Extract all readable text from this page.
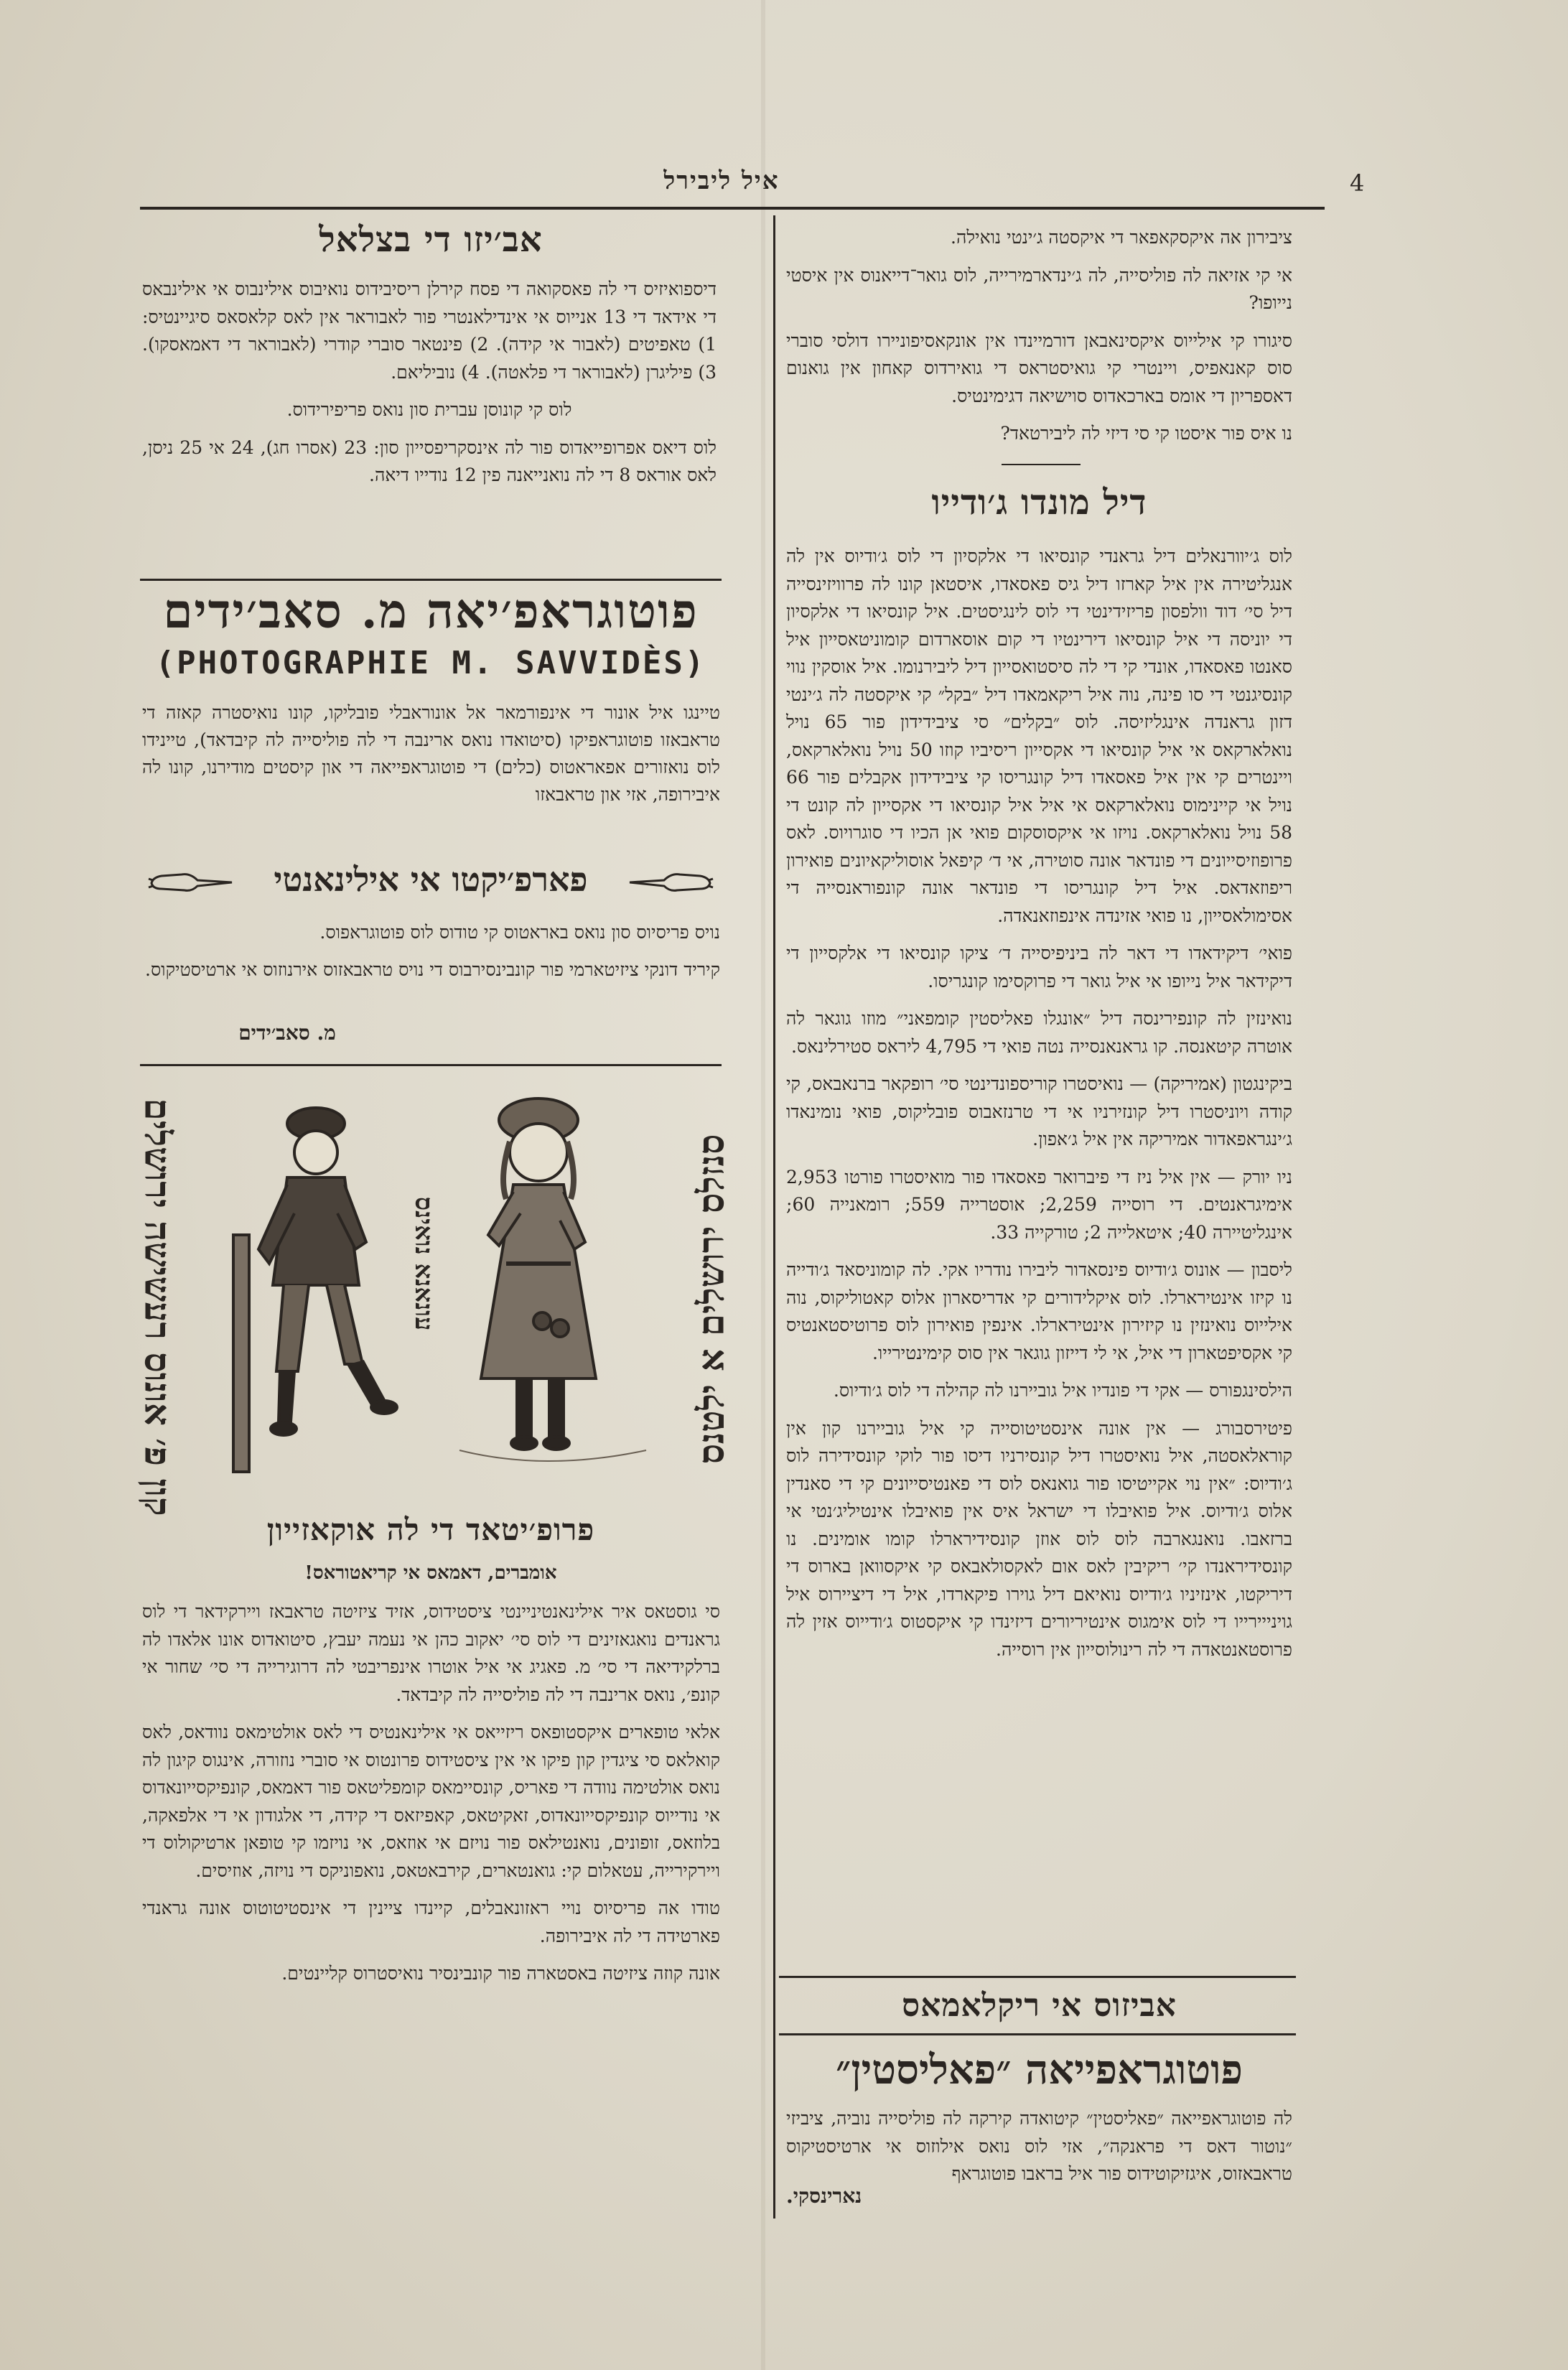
4
איל ליבירל

ציבירון אה איקסקאפאר די איקסטה ג׳ינטי נואילה.

אי קי אזיאה לה פוליסייה, לה ג׳ינדארמירייה, לוס גואר־דייאנוס אין איסטי נייופו?

סיגורו קי אילייוס איקסינאבאן דורמיינדו אין אונקאסיפוניירו דולסי סוברי סוס קאנאפיס, ויינטרי קי גואיסטראס די גואירדוס קאחון אין גואנום דאספריון די אומס בארכאדוס סוישיאה דגימינטיס.

נו איס פור איסטו קי סי דיזי לה ליבירטאד?

דיל מונדו ג׳ודייו

לוס ג׳יוורנאלים דיל גראנדי קונסיאו די אלקסיון די לוס ג׳ודיוס אין לה אנגליטירה אין איל קארזו דיל גיס פאסאדו, איסטאן קונו לה פרוויזינסייה דיל סי׳ דוד וולפסון פריזידינטי די לוס לינגיסטים. איל קונסיאו די אלקסיון די יוניסה די איל קונסיאו דירינטיו די קום אוסארדום קומוניטאסייון איל סאנטו פאסאדו, אונדי קי די לה סיסטואסייון דיל ליבירנומו. איל אוסקין נווי קונסיגנטי די סו פינה, נוה איל ריקאמאדו דיל ״בקל״ קי איקסטה לה ג׳ינטי דזון גראנדה אינגליזיסה. לוס ״בקלים״ סי ציבידידון פור 65 נויל נואלארקאס אי איל קונסיאו די אקסייון ריסיביו קוזו 50 נויל נואלארקאס, ויינטרים קי אין איל פאסאדו דיל קונגריסו קי ציבידידון אקבלים פור 66 נויל אי קיינימוס נואלארקאס אי איל איל קונסיאו די אקסייון לה קונט די 58 נויל נואלארקאס. נויזו אי איקסוסקום פואי אן הכיו די סוגרויוס. לאס פרופוזיסייונים די פונדאר אונה סוטירה, אי ד׳ קיפאל אוסוליקאיונים פואירון ריפוזאדאס. איל דיל קונגריסו די פונדאר אונה קונפוראנסייה די אסימולאסייון, נו פואי אזינדה אינפוזאנאדה.

פואי׳ דיקידאדו די דאר לה ביניפיסייה ד׳ ציקו קונסיאו די אלקסייון די דיקידאר איל נייופו אי איל גואר די פרוקסימו קונגריסו.

נואינזין לה קונפירינסה דיל ״אונגלו פאליסטין קומפאני״ מוזו גוגאר לה אוטרה קיטאנסה. קו גראנאנסייה נטה פואי די 4,795 ליראס סטירלינאס.

ביקינגטון (אמיריקה) — נואיסטרו קוריספונדינטי סי׳ רופקאר ברנאבאס, קי קודה ויוניסטרו דיל קונזירניו אי די טרנזאבוס פובליקוס, פואי נומינאדו ג׳ינגראפאדור אמיריקה אין איל ג׳אפון.

ניו יורק — אין איל ניז די פיברואר פאסאדו פור מואיסטרו פורטו 2,953 אימיגראנטים. די רוסייה 2,259; אוסטרייה 559; רומאנייה 60; אינגליטיירה 40; איטאלייה 2; טורקייה 33.

ליסבון — אונוס ג׳ודיוס פינסאדור ליבירו נודריו אקי. לה קומוניסאד ג׳ודייה נו קיזו אינטירארלו. לוס איקלידורים קי אדריסארון אלוס קאטוליקוס, נוה אילייוס נואינזין נו קיזירון אינטירארלו. אינפין פואירון לוס פרוטיסטאנטיס קי אקסיפטארון די איל, אי לי דייזון גוגאר אין סוס קימינטירייו.

הילסינגפורס — אקי די פונדיו איל גוביירנו לה קהילה די לוס ג׳ודיוס.

פיטירסבורג — אין אונה אינסטיטוסייה קי איל גוביירנו קון אין קוראלאסטה, איל נואיסטרו דיל קונסירניו דיסו פור לוקי קונסידירה לוס ג׳ודיוס: ״אין נוי אקייטיסו פור גואנאס לוס די פאנטיסייונים קי די סאנדין אלוס ג׳ודיוס. איל פואיבלו די ישראל איס אין פואיבלו אינטיליג׳נטי אי ברזאבו. נואנגארבה לוס לוס אוזן קונסידירארלו קומו אומינים. נו קונסידיראנדו קי׳ ריקיבין לאס אום לאקסולאבאס קי איקסוואן בארוס די דיריקטו, אינזיניו ג׳ודיוס נואיאם דיל גוירו פיקארדו, איל די דיציירוס איל גוינייירייו די לוס אימגוס אינטיריורים דיזינדו קי איקסטוס ג׳ודייוס אזין לה פרוסטאנטאדה די לה רינולוסייון אין רוסייה.

אביזוס אי ריקלאמאס
פוטוגראפייאה ״פאליסטין״

לה פוטוגראפייאה ״פאליסטין״ קיטואדה קירקה לה פוליסייה נוביה, ציביזי ״נוטור דאס די פראנקה״, אזי לוס נואס אילוזוס אי ארטיסטיקוס טראבאזוס, איגזיקוטידוס פור איל בראבו פוטוגראף

נארינסקי.
אב׳יזו די בצלאל

דיספואיזיס די לה פאסקואה די פסח קירלן ריסיבידוס נואיבוס אילינבוס אי אילינבאס די אידאד די 13 אנייוס אי אינדילאנטרי פור לאבוראר אין לאס קלאסאס סיגיינטיס: 1) טאפיטים (לאבור אי קידה). 2) פינטאר סוברי קודרי (לאבוראר די דאמאסקו). 3) פיליגרן (לאבוראר די פלאטה). 4) נוביליאם.

לוס קי קונוסן עברית סון נואס פריפירידוס.

לוס דיאס אפרופייאדוס פור לה אינסקריפסייון סון: 23 (אסרו חג), 24 אי 25 ניסן, לאס אוראס 8 די לה נואנייאנה פין 12 נודייו דיאה.

פוטוגראפ׳יאה מ. סאב׳ידים
(PHOTOGRAPHIE M. SAVVIDÈS)

טיינגו איל אונור די אינפורמאר אל אונוראבלי פובליקו, קונו נואיסטרה קאזה די טראבאזו פוטוגראפיקו (סיטואדו נואס ארינבה די לה פוליסייה לה קיבדאד), טיינידו לוס נואזורים אפאראטוס (כלים) די פוטוגראפייאה די און קיסטים מודירנו, קונו לה איבירופה, אזי און טראבאזו

פארפ׳יקטו אי אילינאנטי

נויס פריסיוס סון נואס באראטוס קי טודוס לוס פוטוגראפוס.

קיריד דונקי ציזיטארמי פור קונבינסירבוס די נויס טראבאזוס אירנוזוס אי ארטיסטיקוס.

מ. סאב׳ידים
קון פ׳ אונוס רעשישה ירושלים	עונאנא נואינס	סנזלס ירושלים א ילטנס
פרופ׳יטאד די לה אוקאזייון
אומברים, דאמאס אי קריאטוראס!

סי גוסטאס איר אילינאנטיניינטי ציסטידוס, אזיד ציזיטה טראבאז ויירקידאר די לוס גראנדים נואגאזינים די לוס סי׳ יאקוב כהן אי נעמה יעבץ, סיטואדוס אונו אלאדו לה ברלקידיאה די סי׳ מ. פאגיג אי איל אוטרו אינפריבטי לה דרוגירייה די סי׳ שחור אי קונפ׳, נואס ארינבה די לה פוליסייה לה קיבדאד.

אלאי טופארים איקסטופאס ריזייאס אי אילינאנטיס די לאס אולטימאס נוודאס, לאס קואלאס סי ציגדין קון פיקו אי אין ציסטידוס פרונטוס אי סוברי נוזורה, אינגוס קיגון לה נואס אולטימה נוודה די פאריס, קונסיימאס קומפליטאס פור דאמאס, קונפיקסייונאדוס אי נודייוס קונפיקסייונאדוס, זאקיטאס, קאפיזאס די קידה, די אלגודון אי די אלפאקה, בלוזאס, זופונים, נואנטילאס פור נויזם אי אוזאס, אי נויזמו קי טופאן ארטיקולוס די ויירקירייה, עטאלום קי: גואנטארים, קירבאטאס, נואפוניקס די נויזה, אוזיסים.

טודו אה פריסיוס נויי ראזונאבלים, קיינדו ציינין די אינסטיטוטוס אונה גראנדי פארטידה די לה איבירופה.

אונה קוזה ציזיטה באסטארה פור קונבינסיר נואיסטרוס קליינטים.
